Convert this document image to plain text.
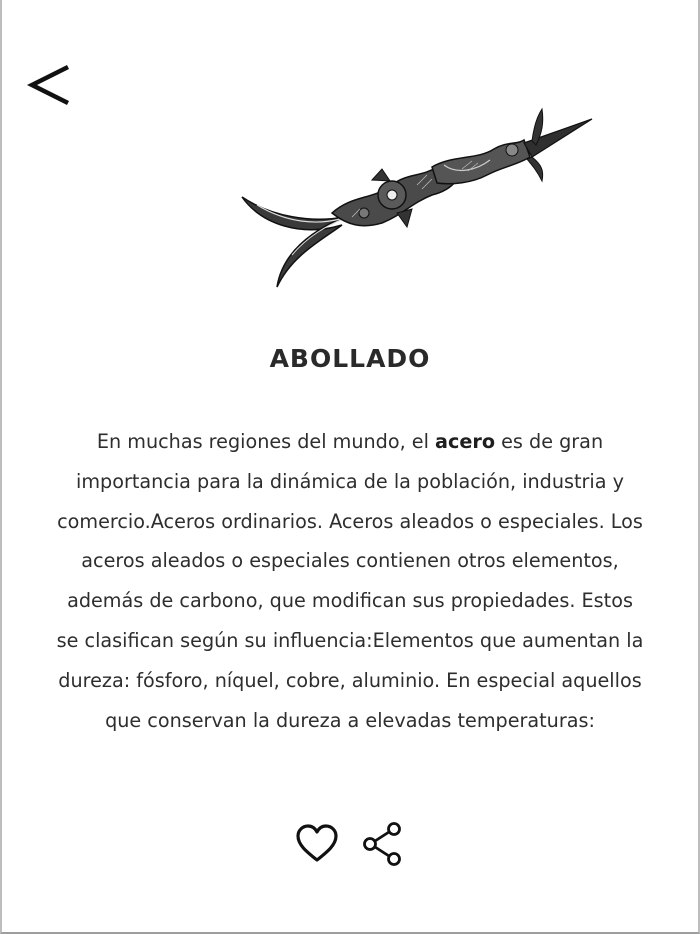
ABOLLADO
En muchas regiones del mundo, el acero es de gran importancia para la dinámica de la población, industria y comercio.Aceros ordinarios. Aceros aleados o especiales. Los aceros aleados o especiales contienen otros elementos, además de carbono, que modifican sus propiedades. Estos se clasifican según su influencia:Elementos que aumentan la dureza: fósforo, níquel, cobre, aluminio. En especial aquellos que conservan la dureza a elevadas temperaturas:
